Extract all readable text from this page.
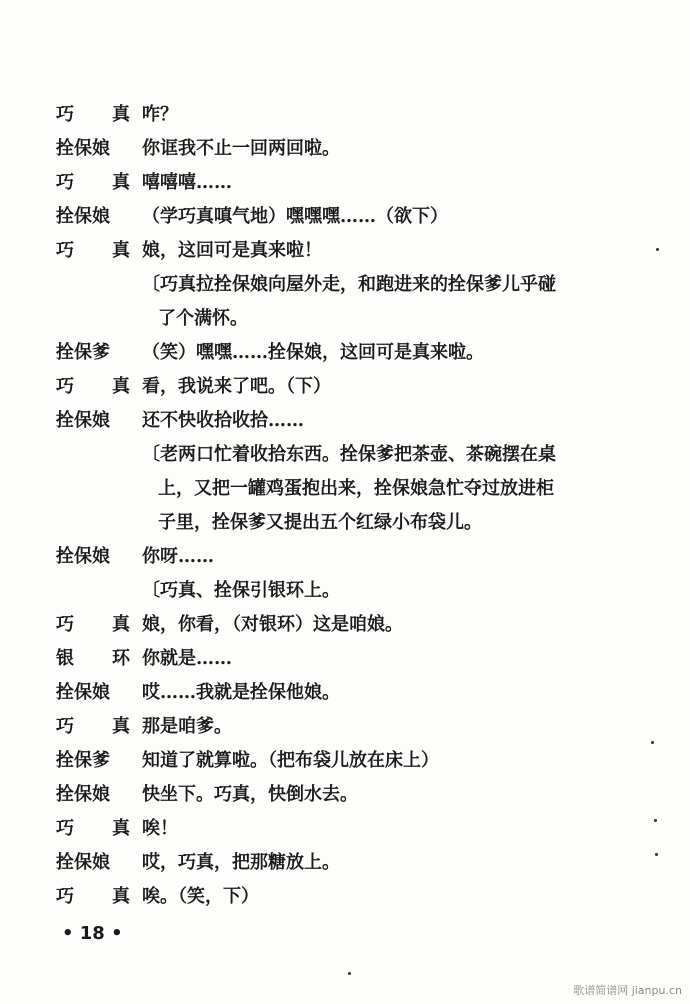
巧 真 咋？
拴保娘	你诓我不止一回两回啦。
巧 真 嘻嘻嘻……
拴保娘	（学巧真嗔气地）嘿嘿嘿……（欲下）
巧 真 娘，这回可是真来啦！
〔巧真拉拴保娘向屋外走，和跑进来的拴保爹儿乎碰
了个满怀。
拴保爹	（笑）嘿嘿……拴保娘，这回可是真来啦。
巧 真 看，我说来了吧。（下）
拴保娘	还不快收拾收拾……
〔老两口忙着收拾东西。拴保爹把茶壶、茶碗摆在桌
上，又把一罐鸡蛋抱出来，拴保娘急忙夺过放进柜
子里，拴保爹又提出五个红绿小布袋儿。
拴保娘	你呀……
〔巧真、拴保引银环上。
巧 真 娘，你看，（对银环）这是咱娘。
银 环 你就是……
拴保娘	哎……我就是拴保他娘。
巧 真 那是咱爹。
拴保爹	知道了就算啦。（把布袋儿放在床上）
拴保娘	快坐下。巧真，快倒水去。
巧 真 唉！
拴保娘	哎，巧真，把那糖放上。
巧 真 唉。（笑，下）
• 18 •
歌谱简谱网 jianpu.cn
